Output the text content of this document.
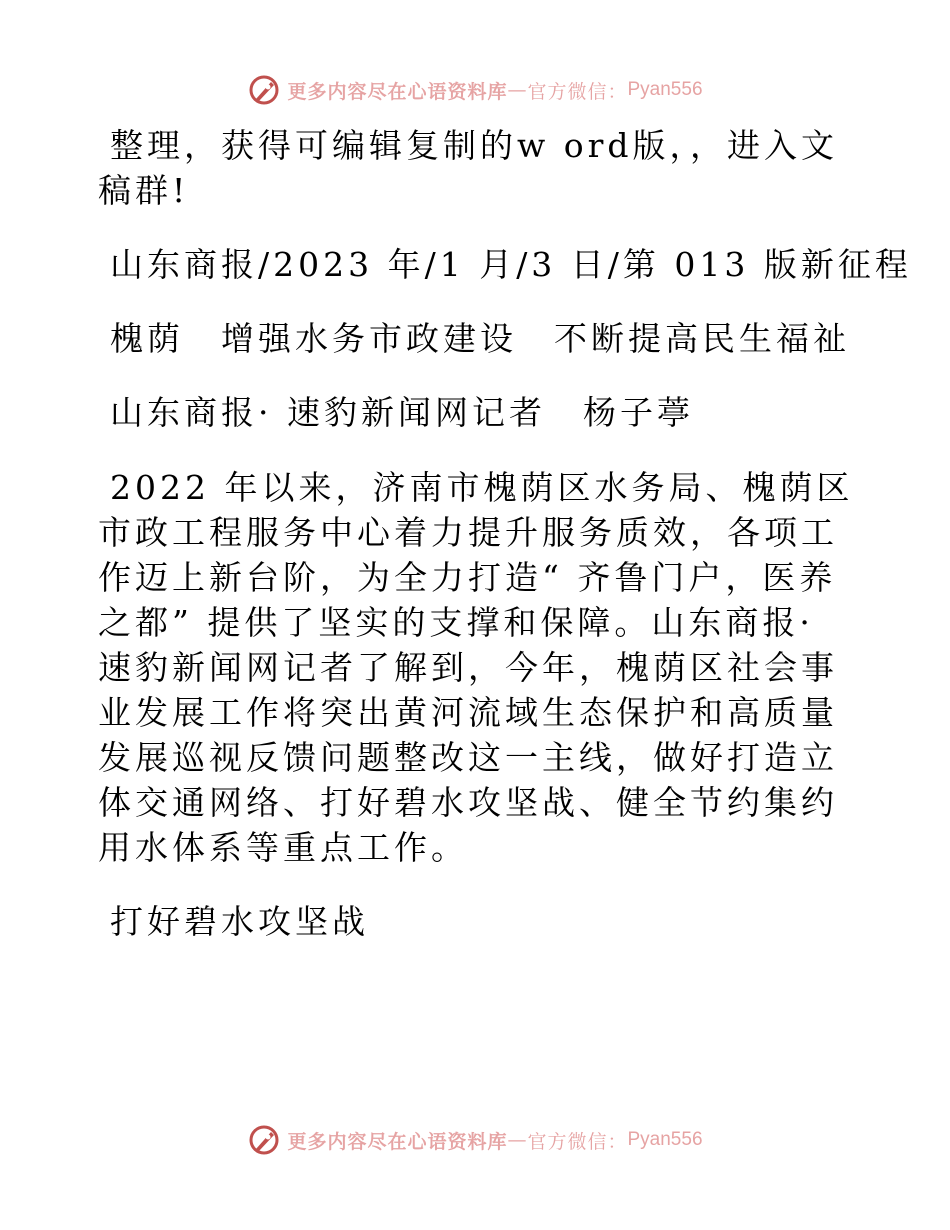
更多内容尽在心语资料库 — 官方微信： Pyan556

整理，获得可编辑复制的w ord版，，进入文稿群!

山东商报/2023 年/1 月/3 日/第 013 版新征程

槐荫　增强水务市政建设　不断提高民生福祉

山东商报· 速豹新闻网记者　杨子葶

2022 年以来，济南市槐荫区水务局、槐荫区市政工程服务中心着力提升服务质效，各项工作迈上新台阶，为全力打造“ 齐鲁门户，医养之都” 提供了坚实的支撑和保障。山东商报· 速豹新闻网记者了解到，今年，槐荫区社会事业发展工作将突出黄河流域生态保护和高质量发展巡视反馈问题整改这一主线，做好打造立体交通网络、打好碧水攻坚战、健全节约集约用水体系等重点工作。

打好碧水攻坚战

更多内容尽在心语资料库 — 官方微信： Pyan556
